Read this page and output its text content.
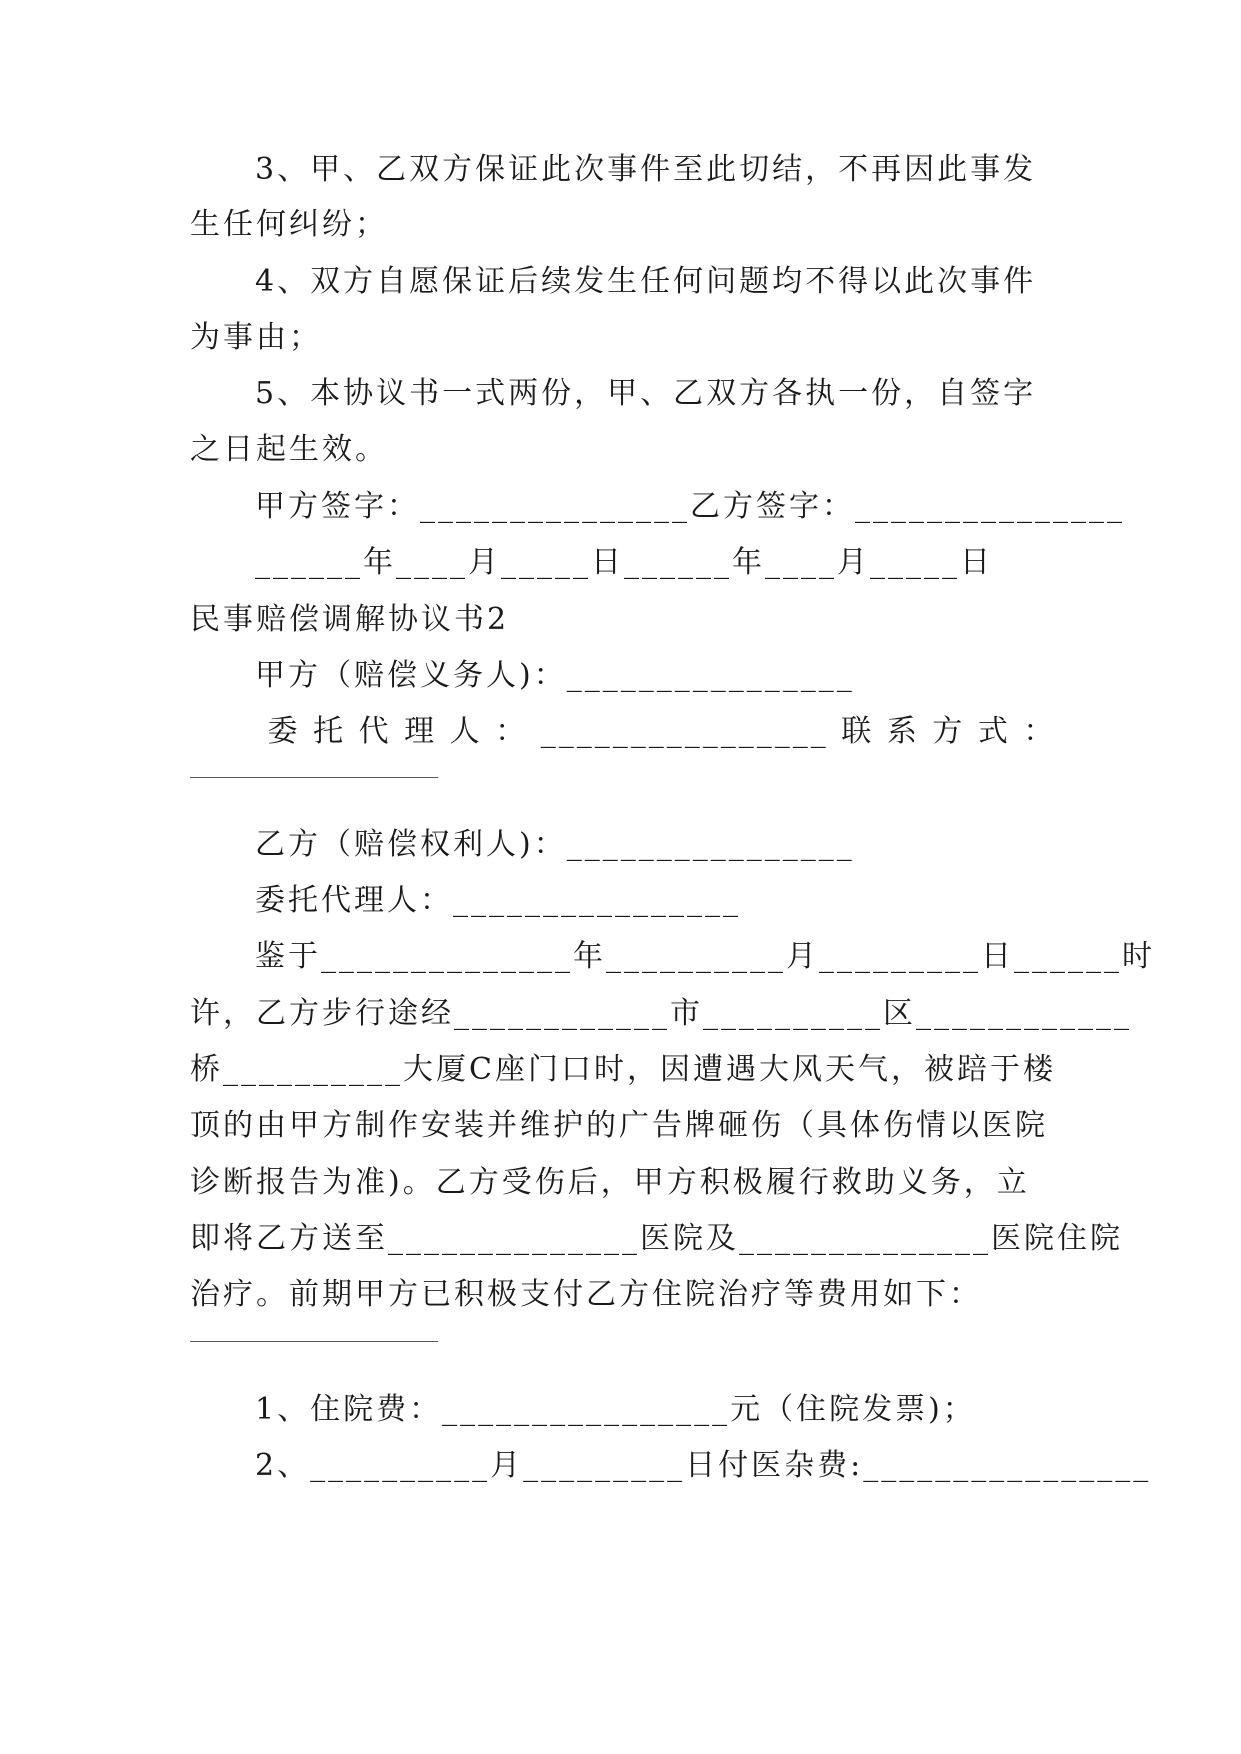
3、甲、乙双方保证此次事件至此切结，不再因此事发
生任何纠纷；
4、双方自愿保证后续发生任何问题均不得以此次事件
为事由；
5、本协议书一式两份，甲、乙双方各执一份，自签字
之日起生效。
甲方签字：_______________乙方签字：_______________
______年____月_____日______年____月_____日
民事赔偿调解协议书2
甲方（赔偿义务人)：________________
委 托 代 理 人 ： ________________ 联 系 方 式 ：
乙方（赔偿权利人)：________________
委托代理人：________________
鉴于______________年__________月_________日______时
许，乙方步行途经____________市__________区____________
桥__________大厦C座门口时，因遭遇大风天气，被踣于楼
顶的由甲方制作安装并维护的广告牌砸伤（具体伤情以医院
诊断报告为准)。乙方受伤后，甲方积极履行救助义务，立
即将乙方送至______________医院及______________医院住院
治疗。前期甲方已积极支付乙方住院治疗等费用如下：
1、住院费：________________元（住院发票)；
2、__________月_________日付医杂费:________________
